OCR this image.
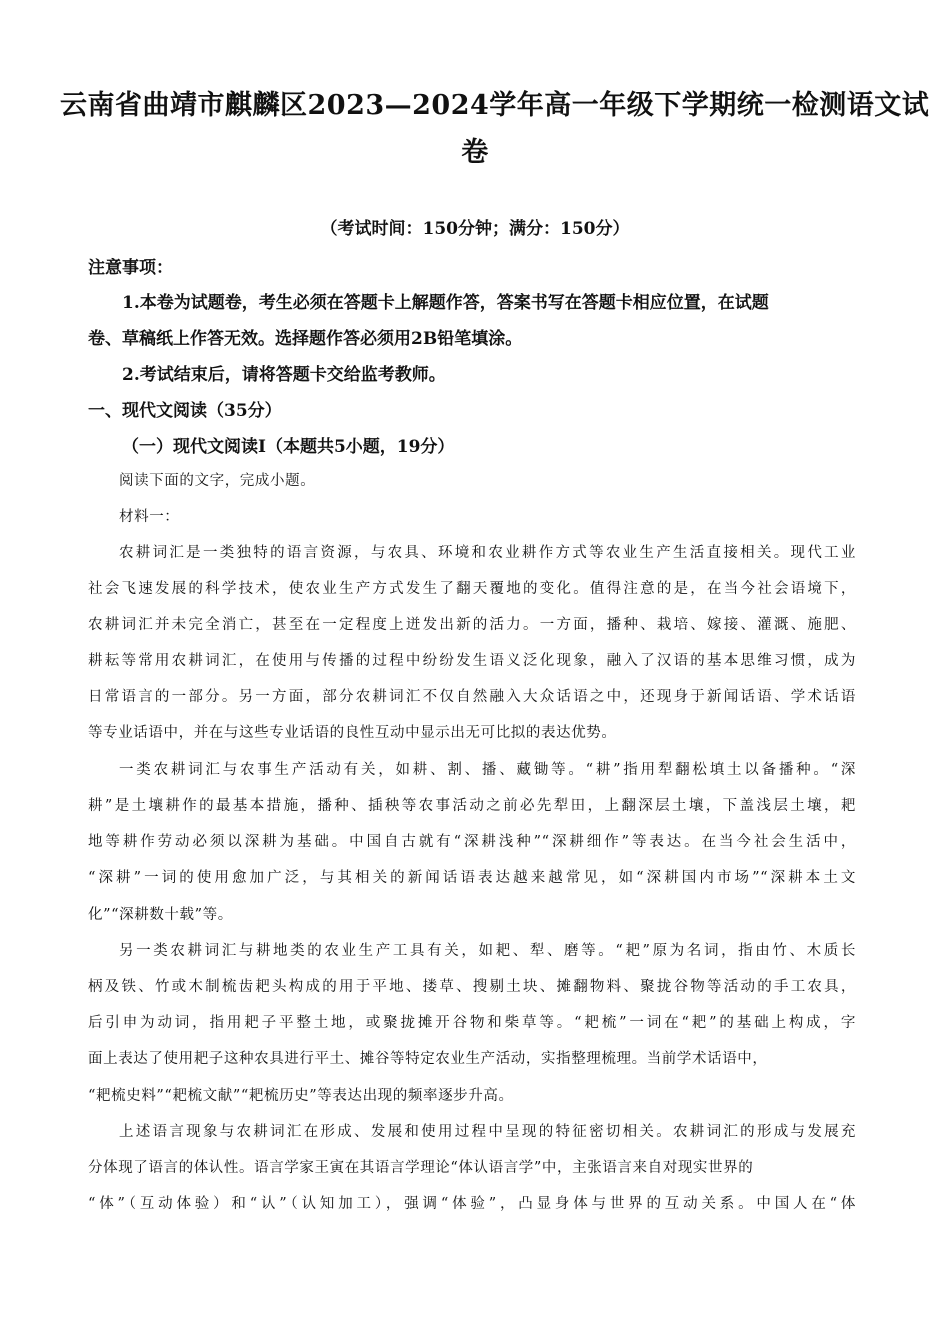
云南省曲靖市麒麟区2023—2024学年高一年级下学期统一检测语文试
卷
（考试时间：150分钟；满分：150分）
注意事项：
1.本卷为试题卷，考生必须在答题卡上解题作答，答案书写在答题卡相应位置，在试题
卷、草稿纸上作答无效。选择题作答必须用2B铅笔填涂。
2.考试结束后，请将答题卡交给监考教师。
一、现代文阅读（35分）
（一）现代文阅读Ⅰ（本题共5小题，19分）
阅读下面的文字，完成小题。
材料一：
农耕词汇是一类独特的语言资源，与农具、环境和农业耕作方式等农业生产生活直接相关。现代工业
社会飞速发展的科学技术，使农业生产方式发生了翻天覆地的变化。值得注意的是，在当今社会语境下，
农耕词汇并未完全消亡，甚至在一定程度上迸发出新的活力。一方面，播种、栽培、嫁接、灌溉、施肥、
耕耘等常用农耕词汇，在使用与传播的过程中纷纷发生语义泛化现象，融入了汉语的基本思维习惯，成为
日常语言的一部分。另一方面，部分农耕词汇不仅自然融入大众话语之中，还现身于新闻话语、学术话语
等专业话语中，并在与这些专业话语的良性互动中显示出无可比拟的表达优势。
一类农耕词汇与农事生产活动有关，如耕、割、播、藏锄等。“耕”指用犁翻松填土以备播种。“深
耕”是土壤耕作的最基本措施，播种、插秧等农事活动之前必先犁田，上翻深层土壤，下盖浅层土壤，耙
地等耕作劳动必须以深耕为基础。中国自古就有“深耕浅种”“深耕细作”等表达。在当今社会生活中，
“深耕”一词的使用愈加广泛，与其相关的新闻话语表达越来越常见，如“深耕国内市场”“深耕本土文
化”“深耕数十载”等。
另一类农耕词汇与耕地类的农业生产工具有关，如耙、犁、磨等。“耙”原为名词，指由竹、木质长
柄及铁、竹或木制梳齿耙头构成的用于平地、搂草、搜剔土块、摊翻物料、聚拢谷物等活动的手工农具，
后引申为动词，指用耙子平整土地，或聚拢摊开谷物和柴草等。“耙梳”一词在“耙”的基础上构成，字
面上表达了使用耙子这种农具进行平土、摊谷等特定农业生产活动，实指整理梳理。当前学术话语中，
“耙梳史料”“耙梳文献”“耙梳历史”等表达出现的频率逐步升高。
上述语言现象与农耕词汇在形成、发展和使用过程中呈现的特征密切相关。农耕词汇的形成与发展充
分体现了语言的体认性。语言学家王寅在其语言学理论“体认语言学”中，主张语言来自对现实世界的
“体”（互动体验）和“认”（认知加工），强调“体验”，凸显身体与世界的互动关系。中国人在“体
